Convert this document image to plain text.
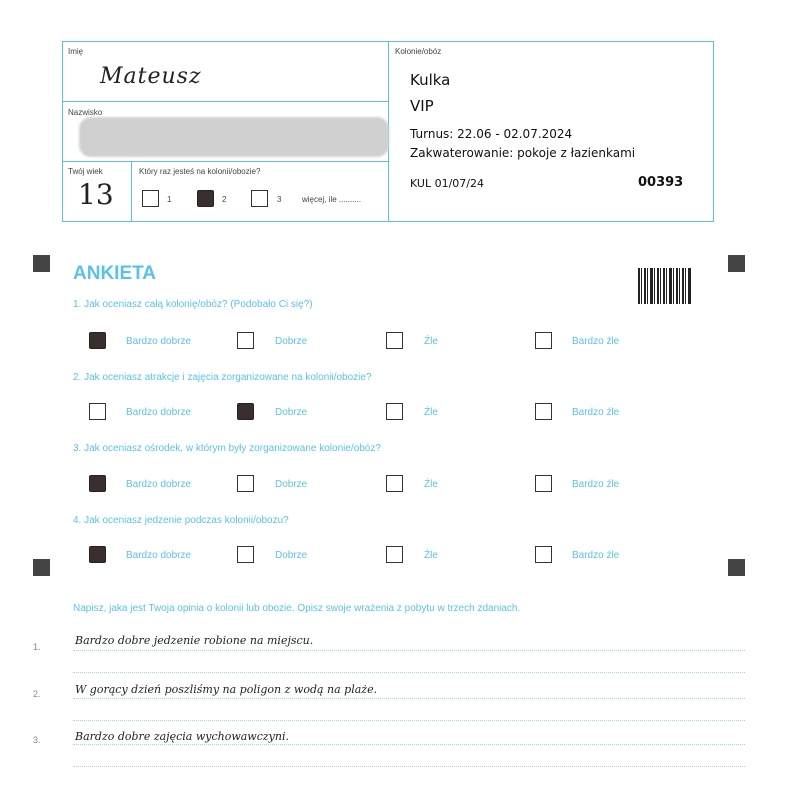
Imię
Mateusz
Nazwisko
Twój wiek
13
Który raz jesteś na kolonii/obozie?
1	2	3	więcej, ile ..........
Kolonie/obóz
Kulka
VIP
Turnus: 22.06 - 02.07.2024
Zakwaterowanie: pokoje z łazienkami
KUL 01/07/24	00393
ANKIETA
1. Jak oceniasz całą kolonię/obóz? (Podobało Ci się?)
Bardzo dobrze	Dobrze	Źle	Bardzo źle
2. Jak oceniasz atrakcje i zajęcia zorganizowane na kolonii/obozie?
Bardzo dobrze	Dobrze	Źle	Bardzo źle
3. Jak oceniasz ośrodek, w którym były zorganizowane kolonie/obóz?
Bardzo dobrze	Dobrze	Źle	Bardzo źle
4. Jak oceniasz jedzenie podczas kolonii/obozu?
Bardzo dobrze	Dobrze	Źle	Bardzo źle
Napisz, jaka jest Twoja opinia o kolonii lub obozie. Opisz swoje wrażenia z pobytu w trzech zdaniach.
1.	Bardzo dobre jedzenie robione na miejscu.
2.	W gorący dzień poszliśmy na poligon z wodą na plaże.
3.	Bardzo dobre zajęcia wychowawczyni.
